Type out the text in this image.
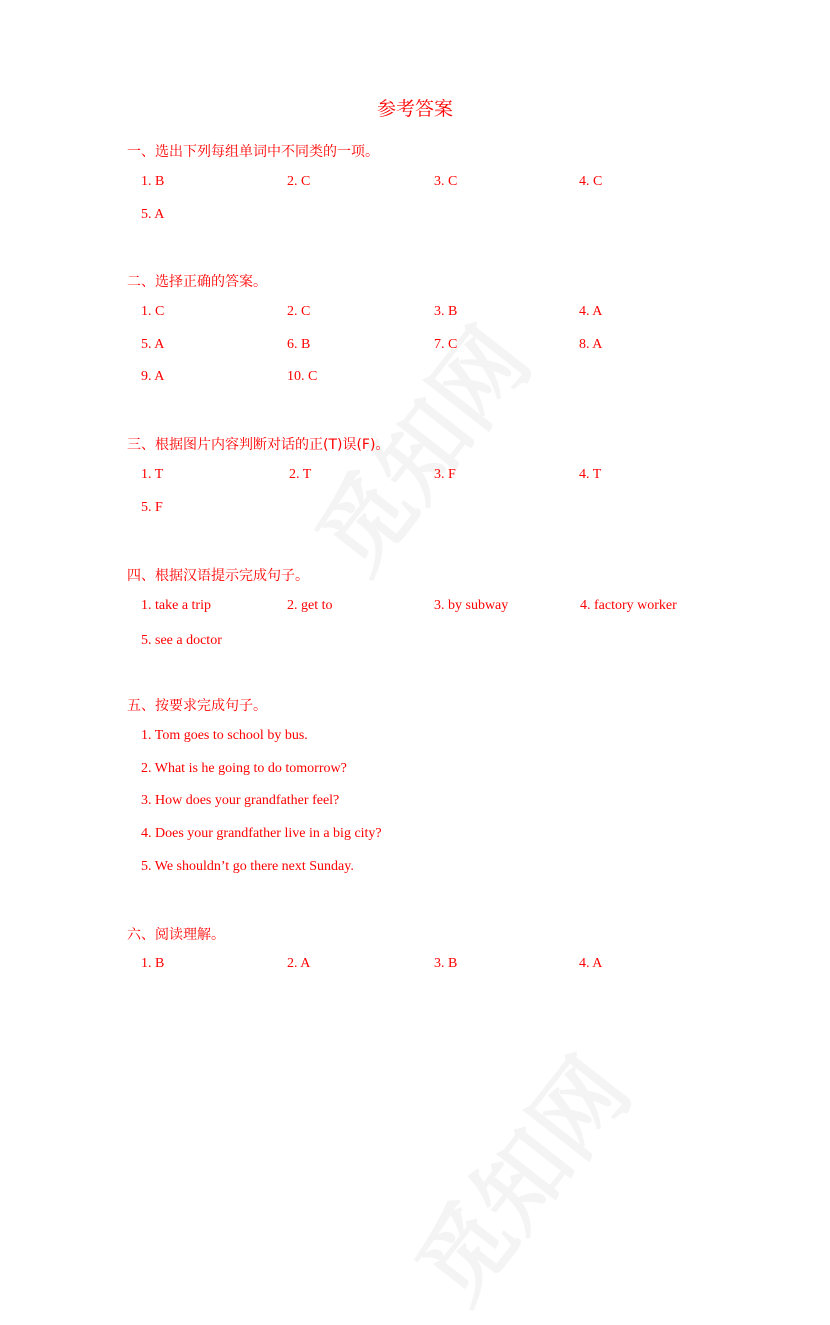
参考答案
一、选出下列每组单词中不同类的一项。
1. B	2. C	3. C	4. C
5. A
二、选择正确的答案。
1. C	2. C	3. B	4. A
5. A	6. B	7. C	8. A
9. A	10. C
三、根据图片内容判断对话的正(T)误(F)。
1. T	2. T	3. F	4. T
5. F
四、根据汉语提示完成句子。
1. take a trip	2. get to	3. by subway	4. factory worker
5. see a doctor
五、按要求完成句子。
1. Tom goes to school by bus.
2. What is he going to do tomorrow?
3. How does your grandfather feel?
4. Does your grandfather live in a big city?
5. We shouldn’t go there next Sunday.
六、阅读理解。
1. B	2. A	3. B	4. A
